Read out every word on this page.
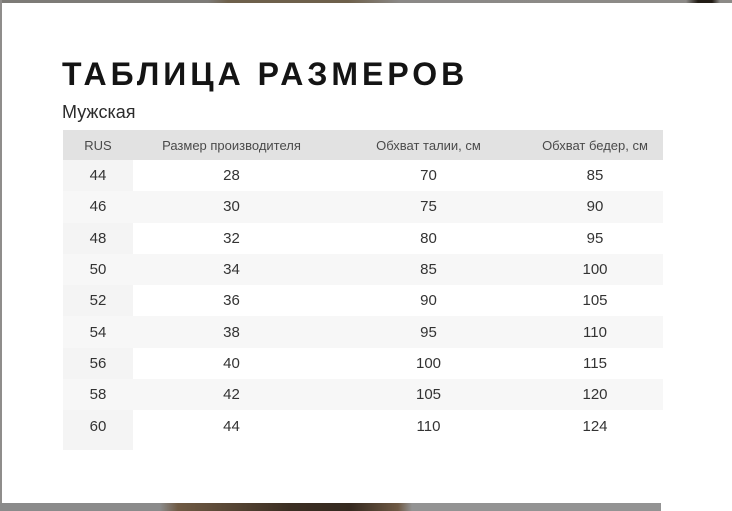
ТАБЛИЦА РАЗМЕРОВ
Мужская
RUS	Размер производителя	Обхват талии, см	Обхват бедер, см
44	28	70	85
46	30	75	90
48	32	80	95
50	34	85	100
52	36	90	105
54	38	95	110
56	40	100	115
58	42	105	120
60	44	110	124
